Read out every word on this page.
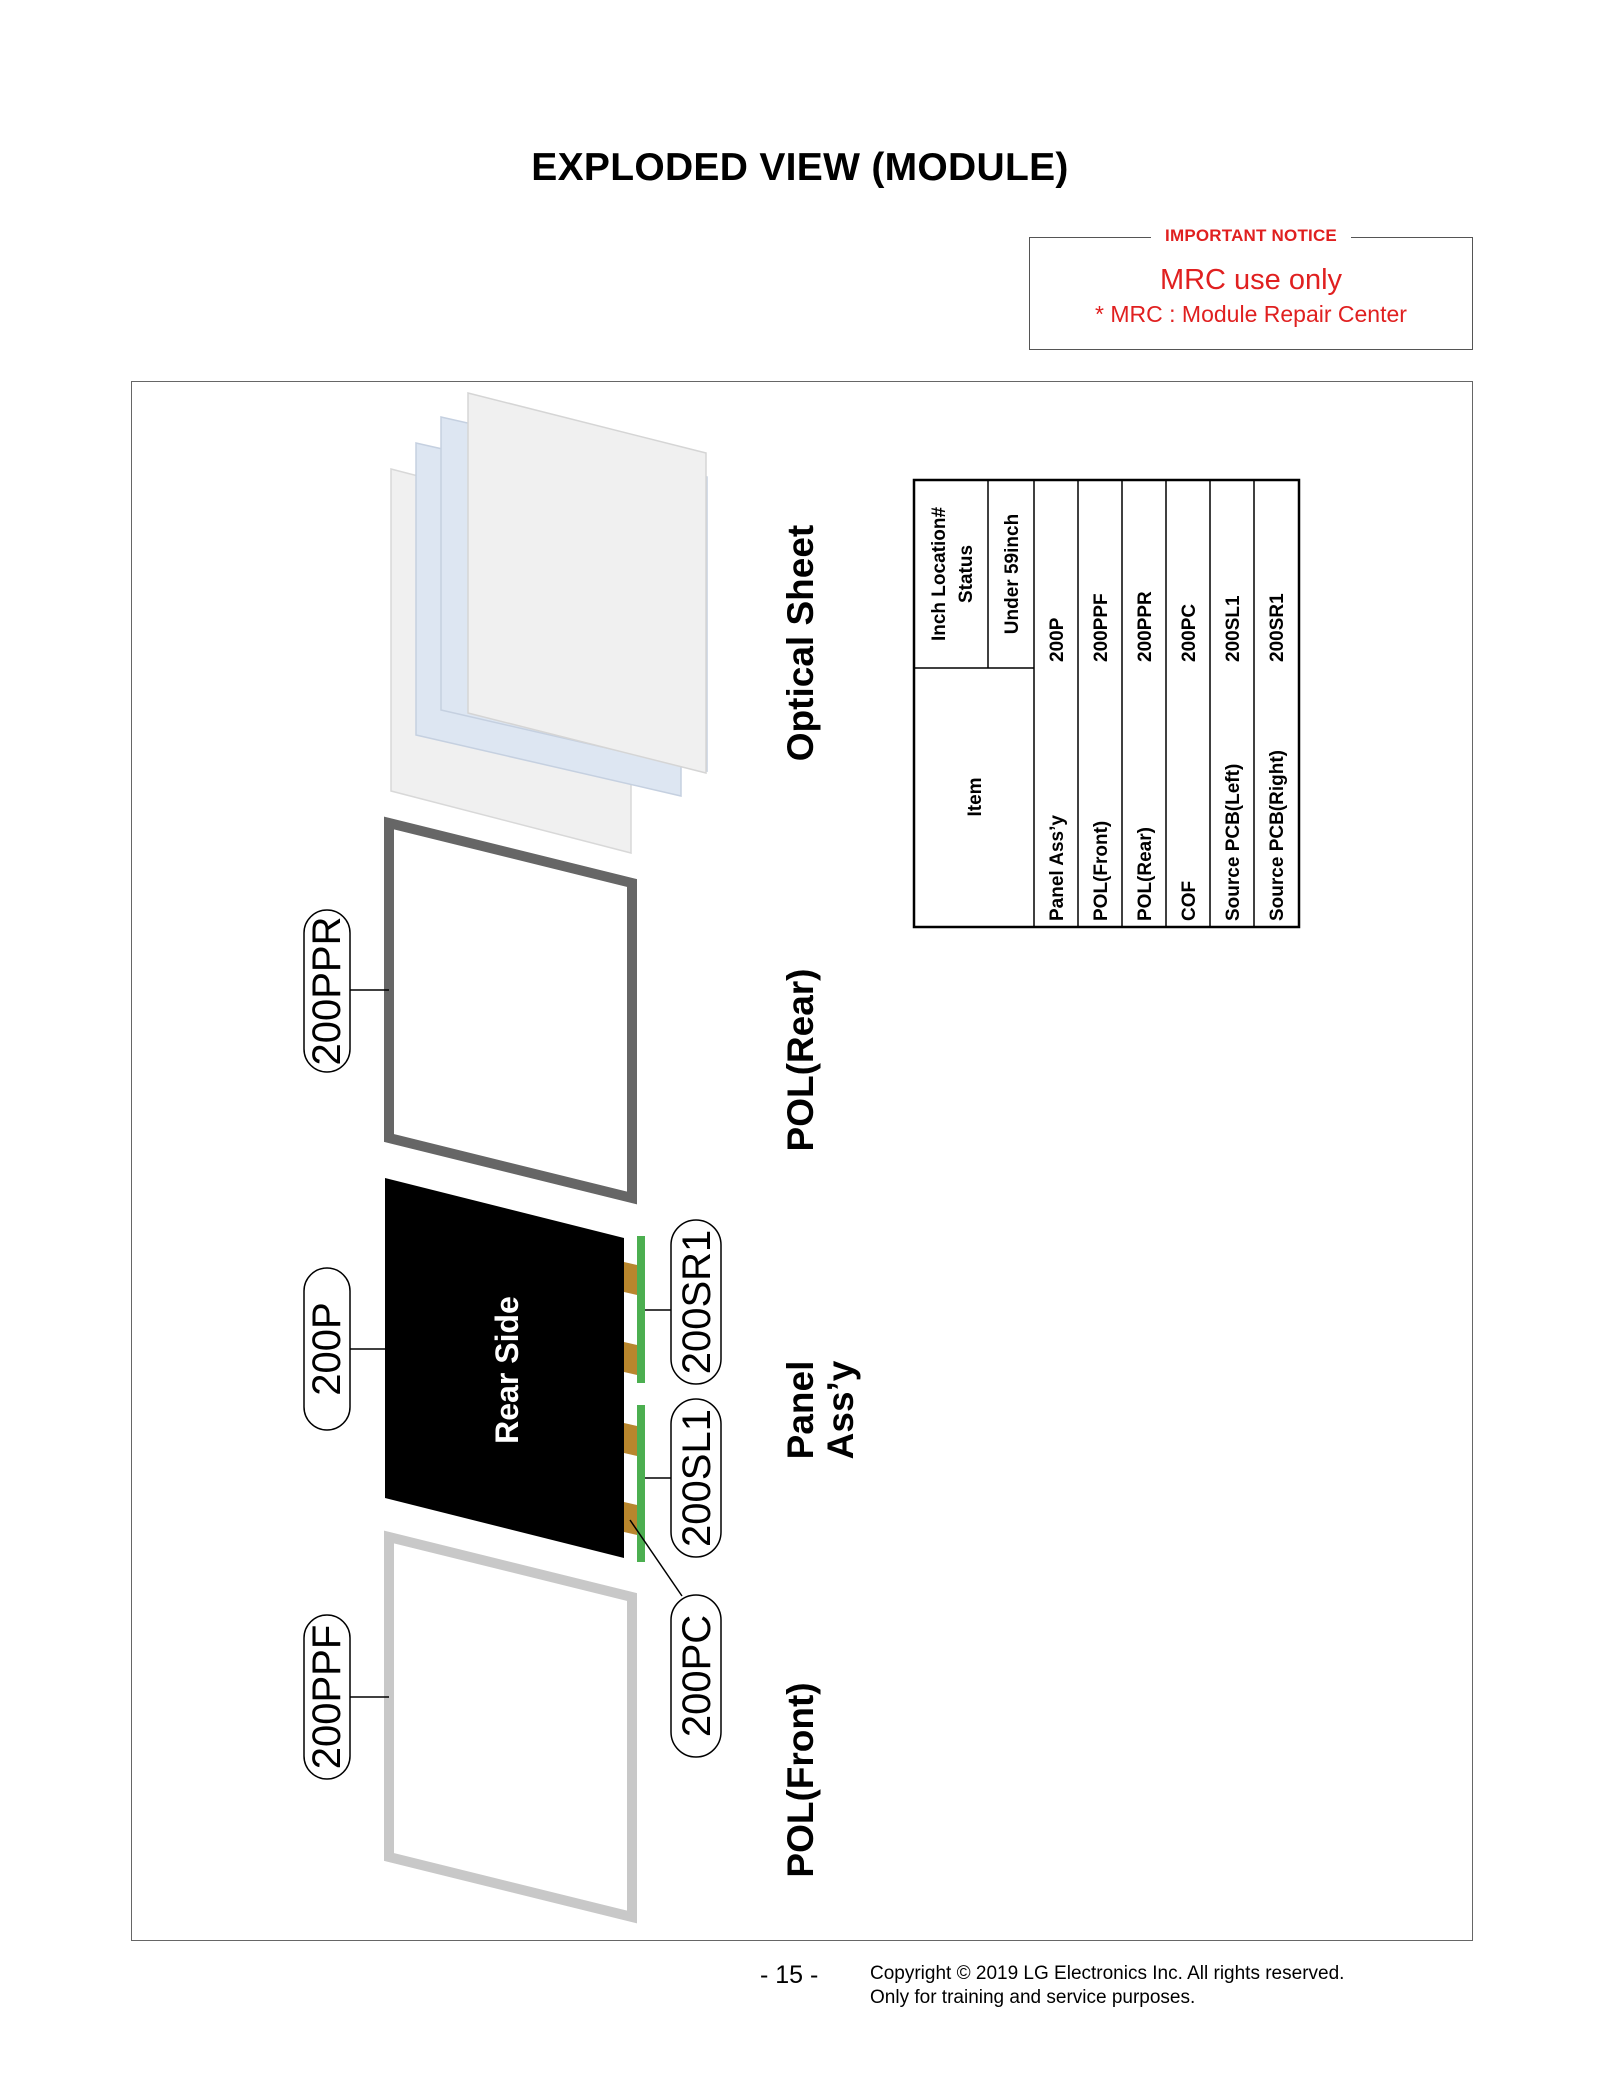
EXPLODED VIEW (MODULE)
IMPORTANT NOTICE
MRC use only
* MRC : Module Repair Center
Rear Side
200PPR
200P
200PPF
200SR1
200SL1
200PC
POL(Front)
Panel Ass’y
POL(Rear)
Optical Sheet
Item
Inch Location# Status Under 59inch
Panel Ass’y
200P
POL(Front)
200PPF
POL(Rear)
200PPR
COF
200PC
Source PCB(Left)
200SL1
Source PCB(Right)
200SR1
- 15 -	Copyright © 2019 LG Electronics Inc. All rights reserved.
Only for training and service purposes.
